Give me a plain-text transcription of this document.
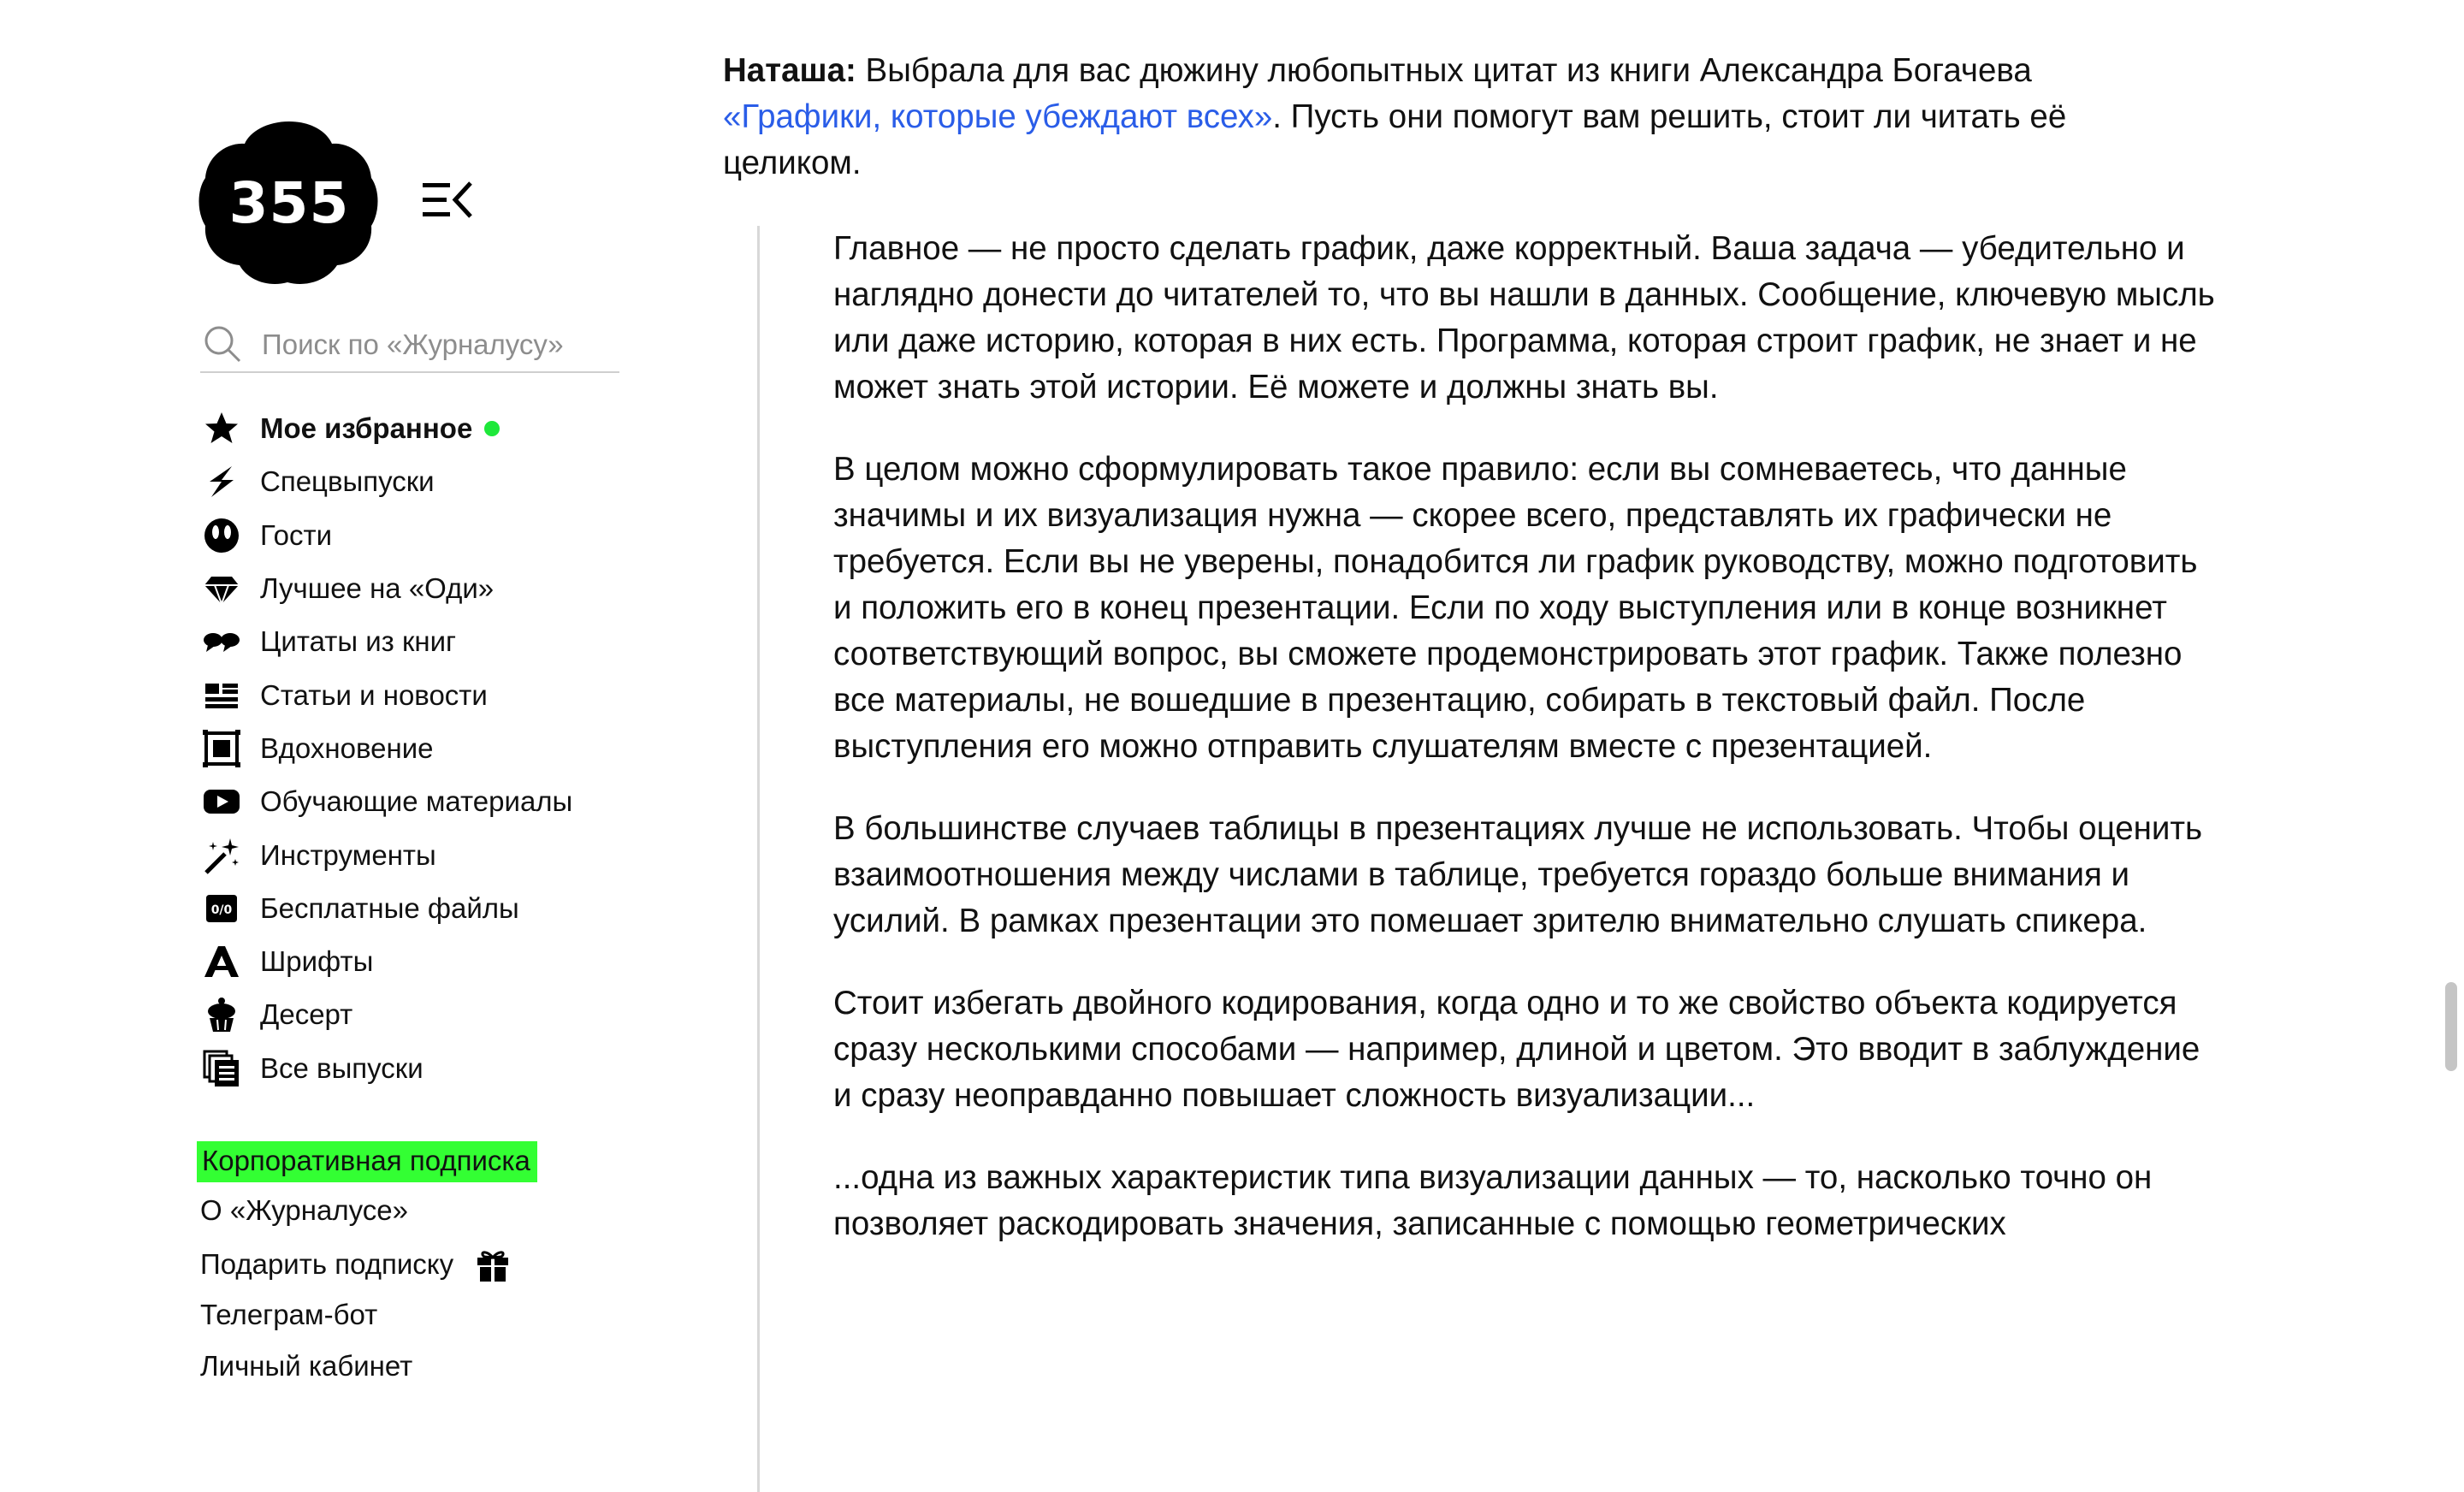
355
Поиск по «Журналусу»
Мое избранное
Спецвыпуски
Гости
Лучшее на «Оди»
Цитаты из книг
Статьи и новости
Вдохновение
Обучающие материалы
Инструменты
0/0 Бесплатные файлы
Шрифты
Десерт
Все выпуски
Корпоративная подписка
О «Журналусе»
Подарить подписку
Телеграм-бот
Личный кабинет

Наташа: Выбрала для вас дюжину любопытных цитат из книги Александра Богачева «Графики, которые убеждают всех». Пусть они помогут вам решить, стоит ли читать её целиком.

Главное — не просто сделать график, даже корректный. Ваша задача — убедительно и наглядно донести до читателей то, что вы нашли в данных. Сообщение, ключевую мысль или даже историю, которая в них есть. Программа, которая строит график, не знает и не может знать этой истории. Её можете и должны знать вы.

В целом можно сформулировать такое правило: если вы сомневаетесь, что данные значимы и их визуализация нужна — скорее всего, представлять их графически не требуется. Если вы не уверены, понадобится ли график руководству, можно подготовить и положить его в конец презентации. Если по ходу выступления или в конце возникнет соответствующий вопрос, вы сможете продемонстрировать этот график. Также полезно все материалы, не вошедшие в презентацию, собирать в текстовый файл. После выступления его можно отправить слушателям вместе с презентацией.

В большинстве случаев таблицы в презентациях лучше не использовать. Чтобы оценить взаимоотношения между числами в таблице, требуется гораздо больше внимания и усилий. В рамках презентации это помешает зрителю внимательно слушать спикера.

Стоит избегать двойного кодирования, когда одно и то же свойство объекта кодируется сразу несколькими способами — например, длиной и цветом. Это вводит в заблуждение и сразу неоправданно повышает сложность визуализации...

...одна из важных характеристик типа визуализации данных — то, насколько точно он позволяет раскодировать значения, записанные с помощью геометрических
